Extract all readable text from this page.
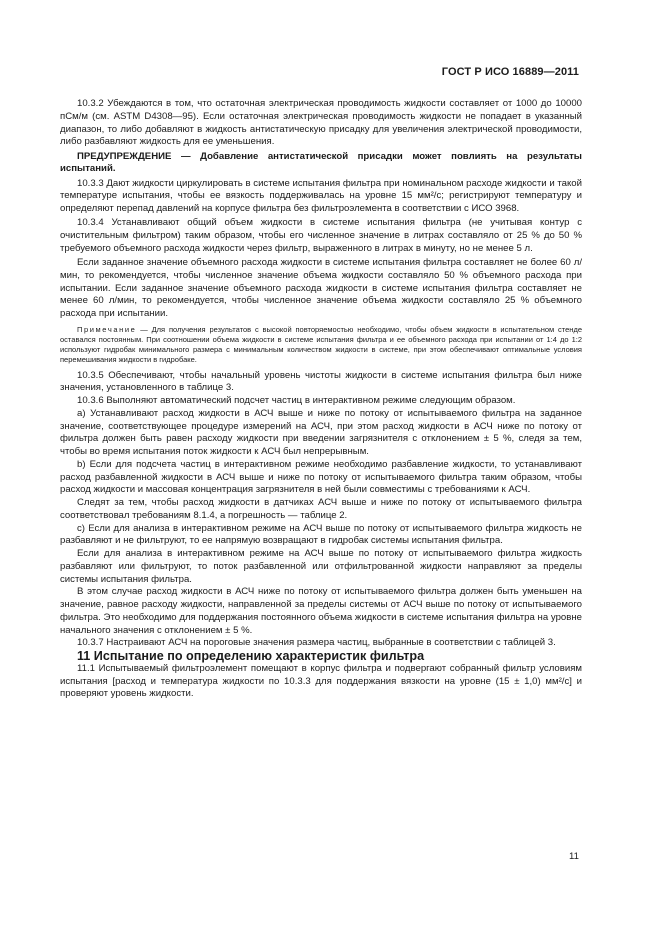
ГОСТ Р ИСО 16889—2011

10.3.2 Убеждаются в том, что остаточная электрическая проводимость жидкости составляет от 1000 до 10000 пСм/м (см. ASTM D4308—95). Если остаточная электрическая проводимость жидкости не попадает в указанный диапазон, то либо добавляют в жидкость антистатическую присадку для увеличения электрической проводимости, либо разбавляют жидкость для ее уменьшения.

ПРЕДУПРЕЖДЕНИЕ — Добавление антистатической присадки может повлиять на результаты испытаний.

10.3.3 Дают жидкости циркулировать в системе испытания фильтра при номинальном расходе жидкости и такой температуре испытания, чтобы ее вязкость поддерживалась на уровне 15 мм²/с; регистрируют температуру и определяют перепад давлений на корпусе фильтра без фильтроэлемента в соответствии с ИСО 3968.

10.3.4 Устанавливают общий объем жидкости в системе испытания фильтра (не учитывая контур с очистительным фильтром) таким образом, чтобы его численное значение в литрах составляло от 25 % до 50 % требуемого объемного расхода жидкости через фильтр, выраженного в литрах в минуту, но не менее 5 л.

Если заданное значение объемного расхода жидкости в системе испытания фильтра составляет не более 60 л/мин, то рекомендуется, чтобы численное значение объема жидкости составляло 50 % объемного расхода при испытании. Если заданное значение объемного расхода жидкости в системе испытания фильтра составляет не менее 60 л/мин, то рекомендуется, чтобы численное значение объема жидкости составляло 25 % объемного расхода при испытании.

Примечание — Для получения результатов с высокой повторяемостью необходимо, чтобы объем жидкости в испытательном стенде оставался постоянным. При соотношении объема жидкости в системе испытания фильтра и ее объемного расхода при испытании от 1:4 до 1:2 используют гидробак минимального размера с минимальным количеством жидкости в системе, при этом обеспечивают оптимальные условия перемешивания жидкости в гидробаке.

10.3.5 Обеспечивают, чтобы начальный уровень чистоты жидкости в системе испытания фильтра был ниже значения, установленного в таблице 3.

10.3.6 Выполняют автоматический подсчет частиц в интерактивном режиме следующим образом.

a) Устанавливают расход жидкости в АСЧ выше и ниже по потоку от испытываемого фильтра на заданное значение, соответствующее процедуре измерений на АСЧ, при этом расход жидкости в АСЧ ниже по потоку от фильтра должен быть равен расходу жидкости при введении загрязнителя с отклонением ± 5 %, следя за тем, чтобы во время испытания поток жидкости к АСЧ был непрерывным.

b) Если для подсчета частиц в интерактивном режиме необходимо разбавление жидкости, то устанавливают расход разбавленной жидкости в АСЧ выше и ниже по потоку от испытываемого фильтра таким образом, чтобы расход жидкости и массовая концентрация загрязнителя в ней были совместимы с требованиями к АСЧ.

Следят за тем, чтобы расход жидкости в датчиках АСЧ выше и ниже по потоку от испытываемого фильтра соответствовал требованиям 8.1.4, а погрешность — таблице 2.

c) Если для анализа в интерактивном режиме на АСЧ выше по потоку от испытываемого фильтра жидкость не разбавляют и не фильтруют, то ее напрямую возвращают в гидробак системы испытания фильтра.

Если для анализа в интерактивном режиме на АСЧ выше по потоку от испытываемого фильтра жидкость разбавляют или фильтруют, то поток разбавленной или отфильтрованной жидкости направляют за пределы системы испытания фильтра.

В этом случае расход жидкости в АСЧ ниже по потоку от испытываемого фильтра должен быть уменьшен на значение, равное расходу жидкости, направленной за пределы системы от АСЧ выше по потоку от испытываемого фильтра. Это необходимо для поддержания постоянного объема жидкости в системе испытания фильтра на уровне начального значения с отклонением ± 5 %.

10.3.7 Настраивают АСЧ на пороговые значения размера частиц, выбранные в соответствии с таблицей 3.

11 Испытание по определению характеристик фильтра

11.1 Испытываемый фильтроэлемент помещают в корпус фильтра и подвергают собранный фильтр условиям испытания [расход и температура жидкости по 10.3.3 для поддержания вязкости на уровне (15 ± 1,0) мм²/с] и проверяют уровень жидкости.

11
